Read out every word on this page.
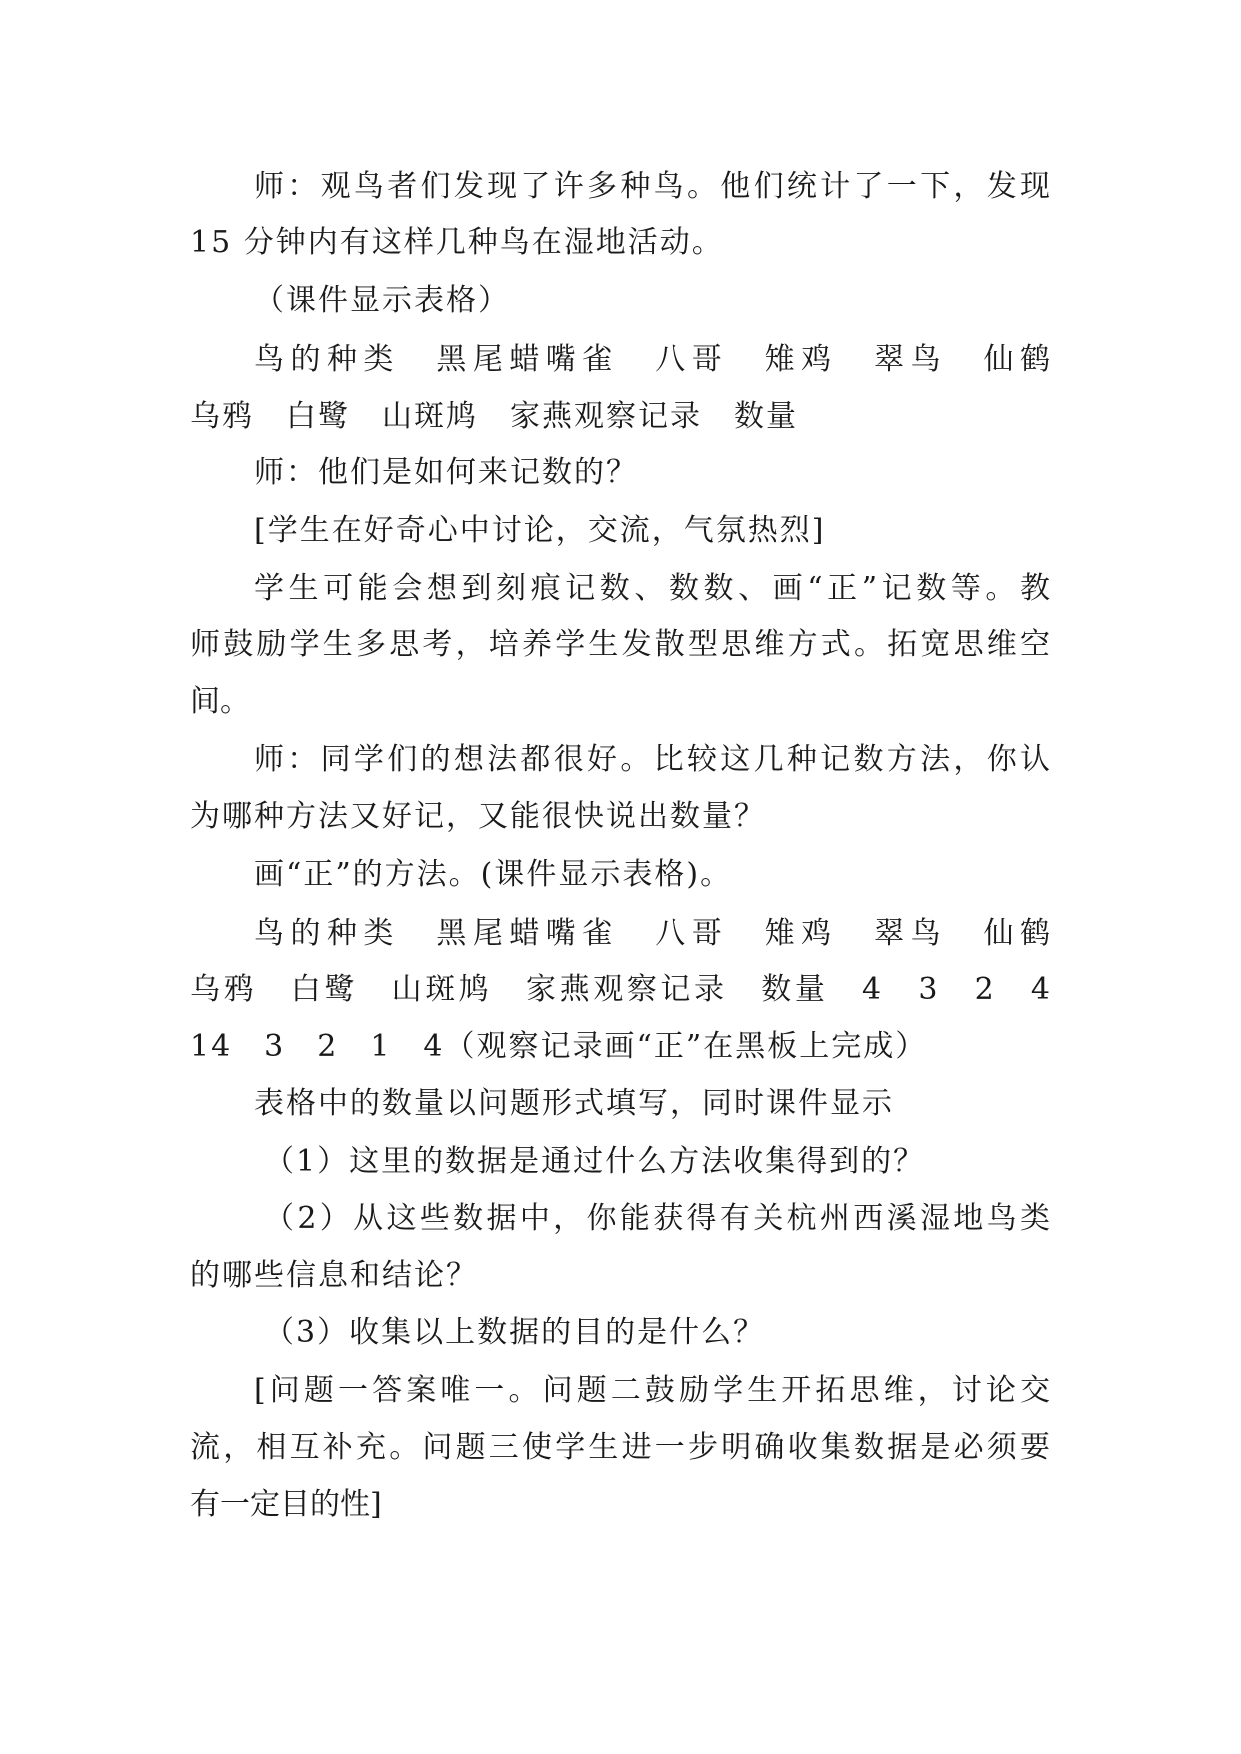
师：观鸟者们发现了许多种鸟。他们统计了一下，发现
15 分钟内有这样几种鸟在湿地活动。
（课件显示表格）
鸟的种类　黑尾蜡嘴雀　八哥　雉鸡　翠鸟　仙鹤
乌鸦　白鹭　山斑鸠　家燕观察记录　数量
师：他们是如何来记数的？
[学生在好奇心中讨论，交流，气氛热烈]
学生可能会想到刻痕记数、数数、画“正”记数等。教
师鼓励学生多思考，培养学生发散型思维方式。拓宽思维空
间。
师：同学们的想法都很好。比较这几种记数方法，你认
为哪种方法又好记，又能很快说出数量？
画“正”的方法。(课件显示表格)。
鸟的种类　黑尾蜡嘴雀　八哥　雉鸡　翠鸟　仙鹤
乌鸦　白鹭　山斑鸠　家燕观察记录　数量　4　3　2　4
14　3　2　1　4（观察记录画“正”在黑板上完成）
表格中的数量以问题形式填写，同时课件显示
（1）这里的数据是通过什么方法收集得到的？
（2）从这些数据中，你能获得有关杭州西溪湿地鸟类
的哪些信息和结论？
（3）收集以上数据的目的是什么？
[问题一答案唯一。问题二鼓励学生开拓思维，讨论交
流，相互补充。问题三使学生进一步明确收集数据是必须要
有一定目的性]
